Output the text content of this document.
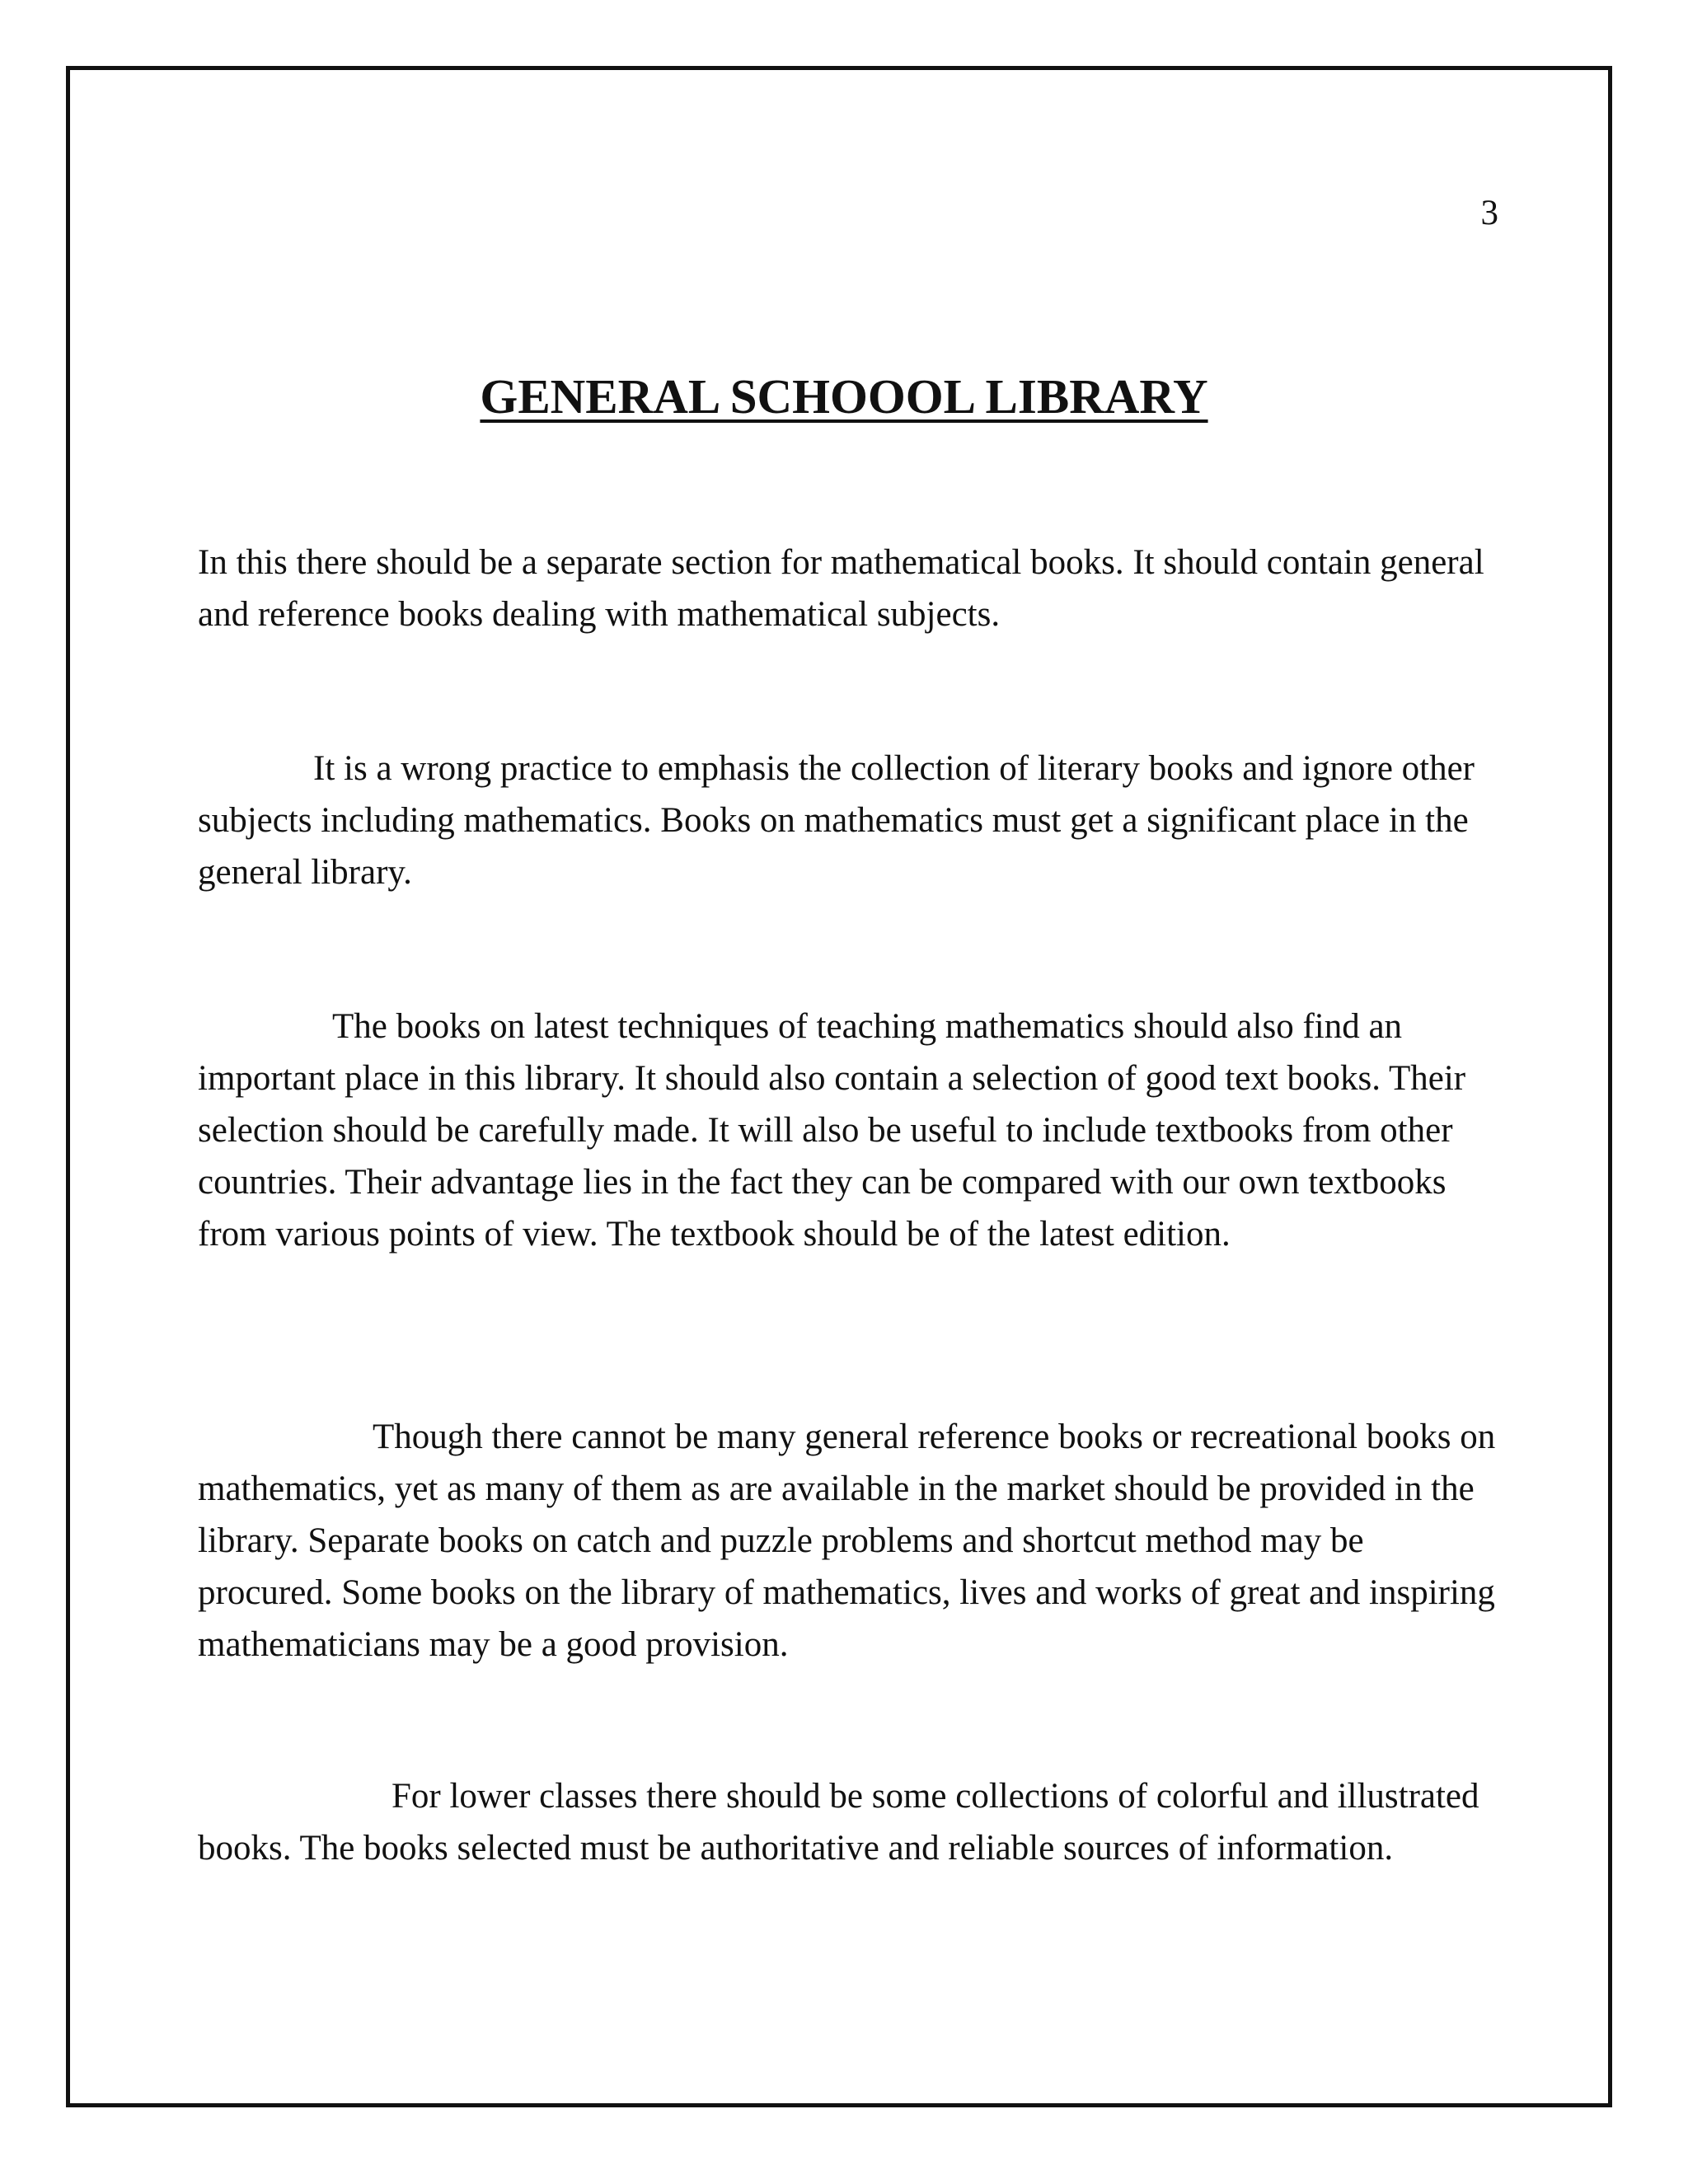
3
GENERAL SCHOOOL LIBRARY

In this there should be a separate section for mathematical books. It should contain general and reference books dealing with mathematical subjects.

It is a wrong practice to emphasis the collection of literary books and ignore other subjects including mathematics. Books on mathematics must get a significant place in the general library.

The books on latest techniques of teaching mathematics should also find an important place in this library. It should also contain a selection of good text books. Their selection should be carefully made. It will also be useful to include textbooks from other countries. Their advantage lies in the fact they can be compared with our own textbooks from various points of view. The textbook should be of the latest edition.

Though there cannot be many general reference books or recreational books on mathematics, yet as many of them as are available in the market should be provided in the library. Separate books on catch and puzzle problems and shortcut method may be procured. Some books on the library of mathematics, lives and works of great and inspiring mathematicians may be a good provision.

For lower classes there should be some collections of colorful and illustrated books. The books selected must be authoritative and reliable sources of information.
